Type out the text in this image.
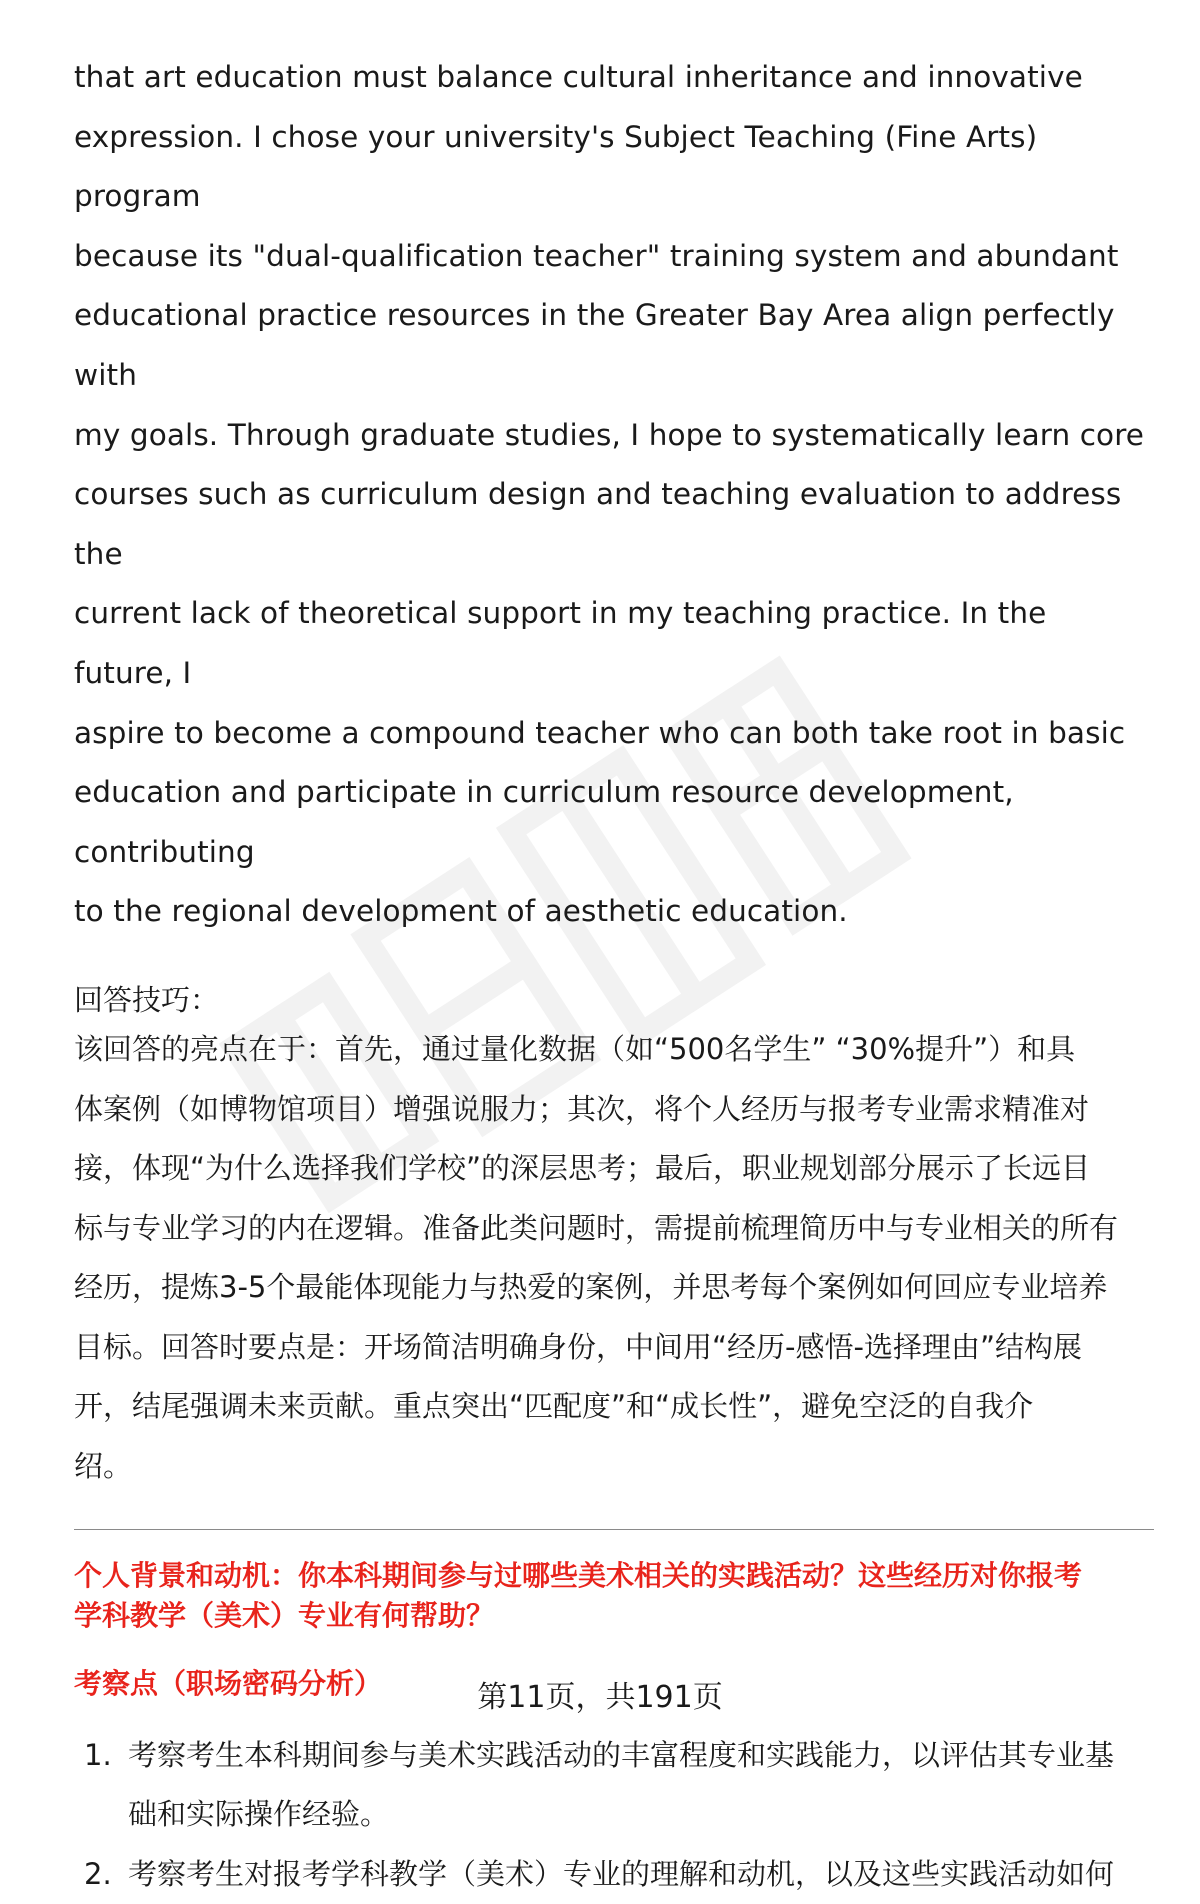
that art education must balance cultural inheritance and innovative
expression. I chose your university's Subject Teaching (Fine Arts) program
because its "dual-qualification teacher" training system and abundant
educational practice resources in the Greater Bay Area align perfectly with
my goals. Through graduate studies, I hope to systematically learn core
courses such as curriculum design and teaching evaluation to address the
current lack of theoretical support in my teaching practice. In the future, I
aspire to become a compound teacher who can both take root in basic
education and participate in curriculum resource development, contributing
to the regional development of aesthetic education.

回答技巧：

该回答的亮点在于：首先，通过量化数据（如“500名学生” “30%提升”）和具
体案例（如博物馆项目）增强说服力；其次，将个人经历与报考专业需求精准对
接，体现“为什么选择我们学校”的深层思考；最后，职业规划部分展示了长远目
标与专业学习的内在逻辑。准备此类问题时，需提前梳理简历中与专业相关的所有
经历，提炼3-5个最能体现能力与热爱的案例，并思考每个案例如何回应专业培养
目标。回答时要点是：开场简洁明确身份，中间用“经历-感悟-选择理由”结构展
开，结尾强调未来贡献。重点突出“匹配度”和“成长性”，避免空泛的自我介
绍。

个人背景和动机：你本科期间参与过哪些美术相关的实践活动？这些经历对你报考
学科教学（美术）专业有何帮助？

考察点（职场密码分析）

1. 考察考生本科期间参与美术实践活动的丰富程度和实践能力，以评估其专业基
础和实际操作经验。
2. 考察考生对报考学科教学（美术）专业的理解和动机，以及这些实践活动如何
第11页，共191页
